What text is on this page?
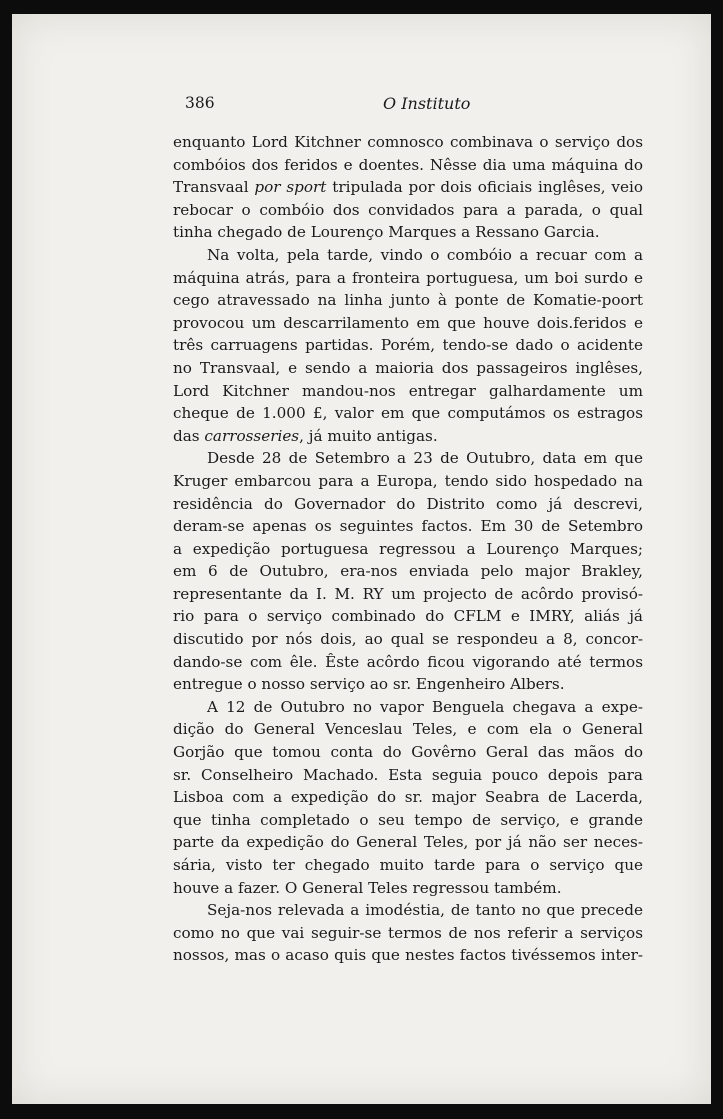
386	O Instituto
enquanto Lord Kitchner comnosco combinava o serviço dos
combóios dos feridos e doentes. Nêsse dia uma máquina do
Transvaal por sport tripulada por dois oficiais inglêses, veio
rebocar o combóio dos convidados para a parada, o qual
tinha chegado de Lourenço Marques a Ressano Garcia.
Na volta, pela tarde, vindo o combóio a recuar com a
máquina atrás, para a fronteira portuguesa, um boi surdo e
cego atravessado na linha junto à ponte de Komatie-poort
provocou um descarrilamento em que houve dois.feridos e
três carruagens partidas. Porém, tendo-se dado o acidente
no Transvaal, e sendo a maioria dos passageiros inglêses,
Lord Kitchner mandou-nos entregar galhardamente um
cheque de 1.000 £, valor em que computámos os estragos
das carrosseries, já muito antigas.
Desde 28 de Setembro a 23 de Outubro, data em que
Kruger embarcou para a Europa, tendo sido hospedado na
residência do Governador do Distrito como já descrevi,
deram-se apenas os seguintes factos. Em 30 de Setembro
a expedição portuguesa regressou a Lourenço Marques;
em 6 de Outubro, era-nos enviada pelo major Brakley,
representante da I. M. RY um projecto de acôrdo provisó-
rio para o serviço combinado do CFLM e IMRY, aliás já
discutido por nós dois, ao qual se respondeu a 8, concor-
dando-se com êle. Êste acôrdo ficou vigorando até termos
entregue o nosso serviço ao sr. Engenheiro Albers.
A 12 de Outubro no vapor Benguela chegava a expe-
dição do General Venceslau Teles, e com ela o General
Gorjão que tomou conta do Govêrno Geral das mãos do
sr. Conselheiro Machado. Esta seguia pouco depois para
Lisboa com a expedição do sr. major Seabra de Lacerda,
que tinha completado o seu tempo de serviço, e grande
parte da expedição do General Teles, por já não ser neces-
sária, visto ter chegado muito tarde para o serviço que
houve a fazer. O General Teles regressou também.
Seja-nos relevada a imodéstia, de tanto no que precede
como no que vai seguir-se termos de nos referir a serviços
nossos, mas o acaso quis que nestes factos tivéssemos inter-
